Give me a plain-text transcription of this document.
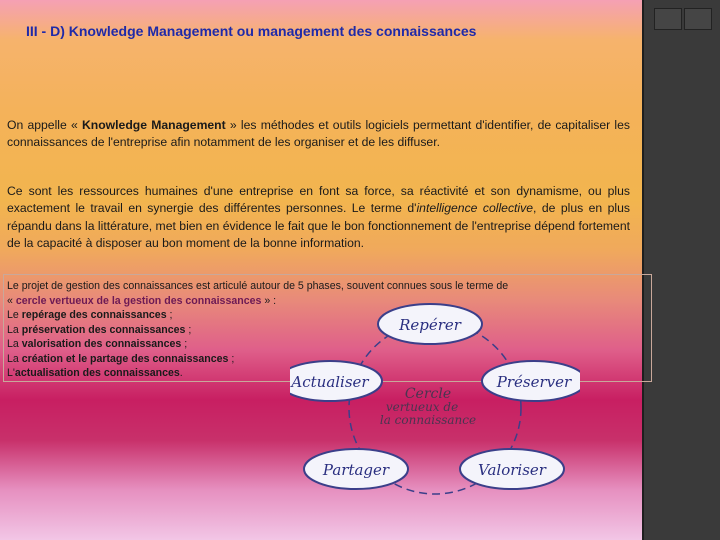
III - D) Knowledge Management ou management des connaissances

On appelle « Knowledge Management » les méthodes et outils logiciels permettant d'identifier, de capitaliser les connaissances de l'entreprise afin notamment de les organiser et de les diffuser.

Ce sont les ressources humaines d'une entreprise en font sa force, sa réactivité et son dynamisme, ou plus exactement le travail en synergie des différentes personnes. Le terme d'intelligence collective, de plus en plus répandu dans la littérature, met bien en évidence le fait que le bon fonctionnement de l'entreprise dépend fortement de la capacité à disposer au bon moment de la bonne information.

Le projet de gestion des connaissances est articulé autour de 5 phases, souvent connues sous le terme de
« cercle vertueux de la gestion des connaissances » :
Le repérage des connaissances ;
La préservation des connaissances ;
La valorisation des connaissances ;
La création et le partage des connaissances ;
L'actualisation des connaissances.
Repérer
Actualiser	Préserver
Partager	Valoriser
Cercle
vertueux de
la connaissance
